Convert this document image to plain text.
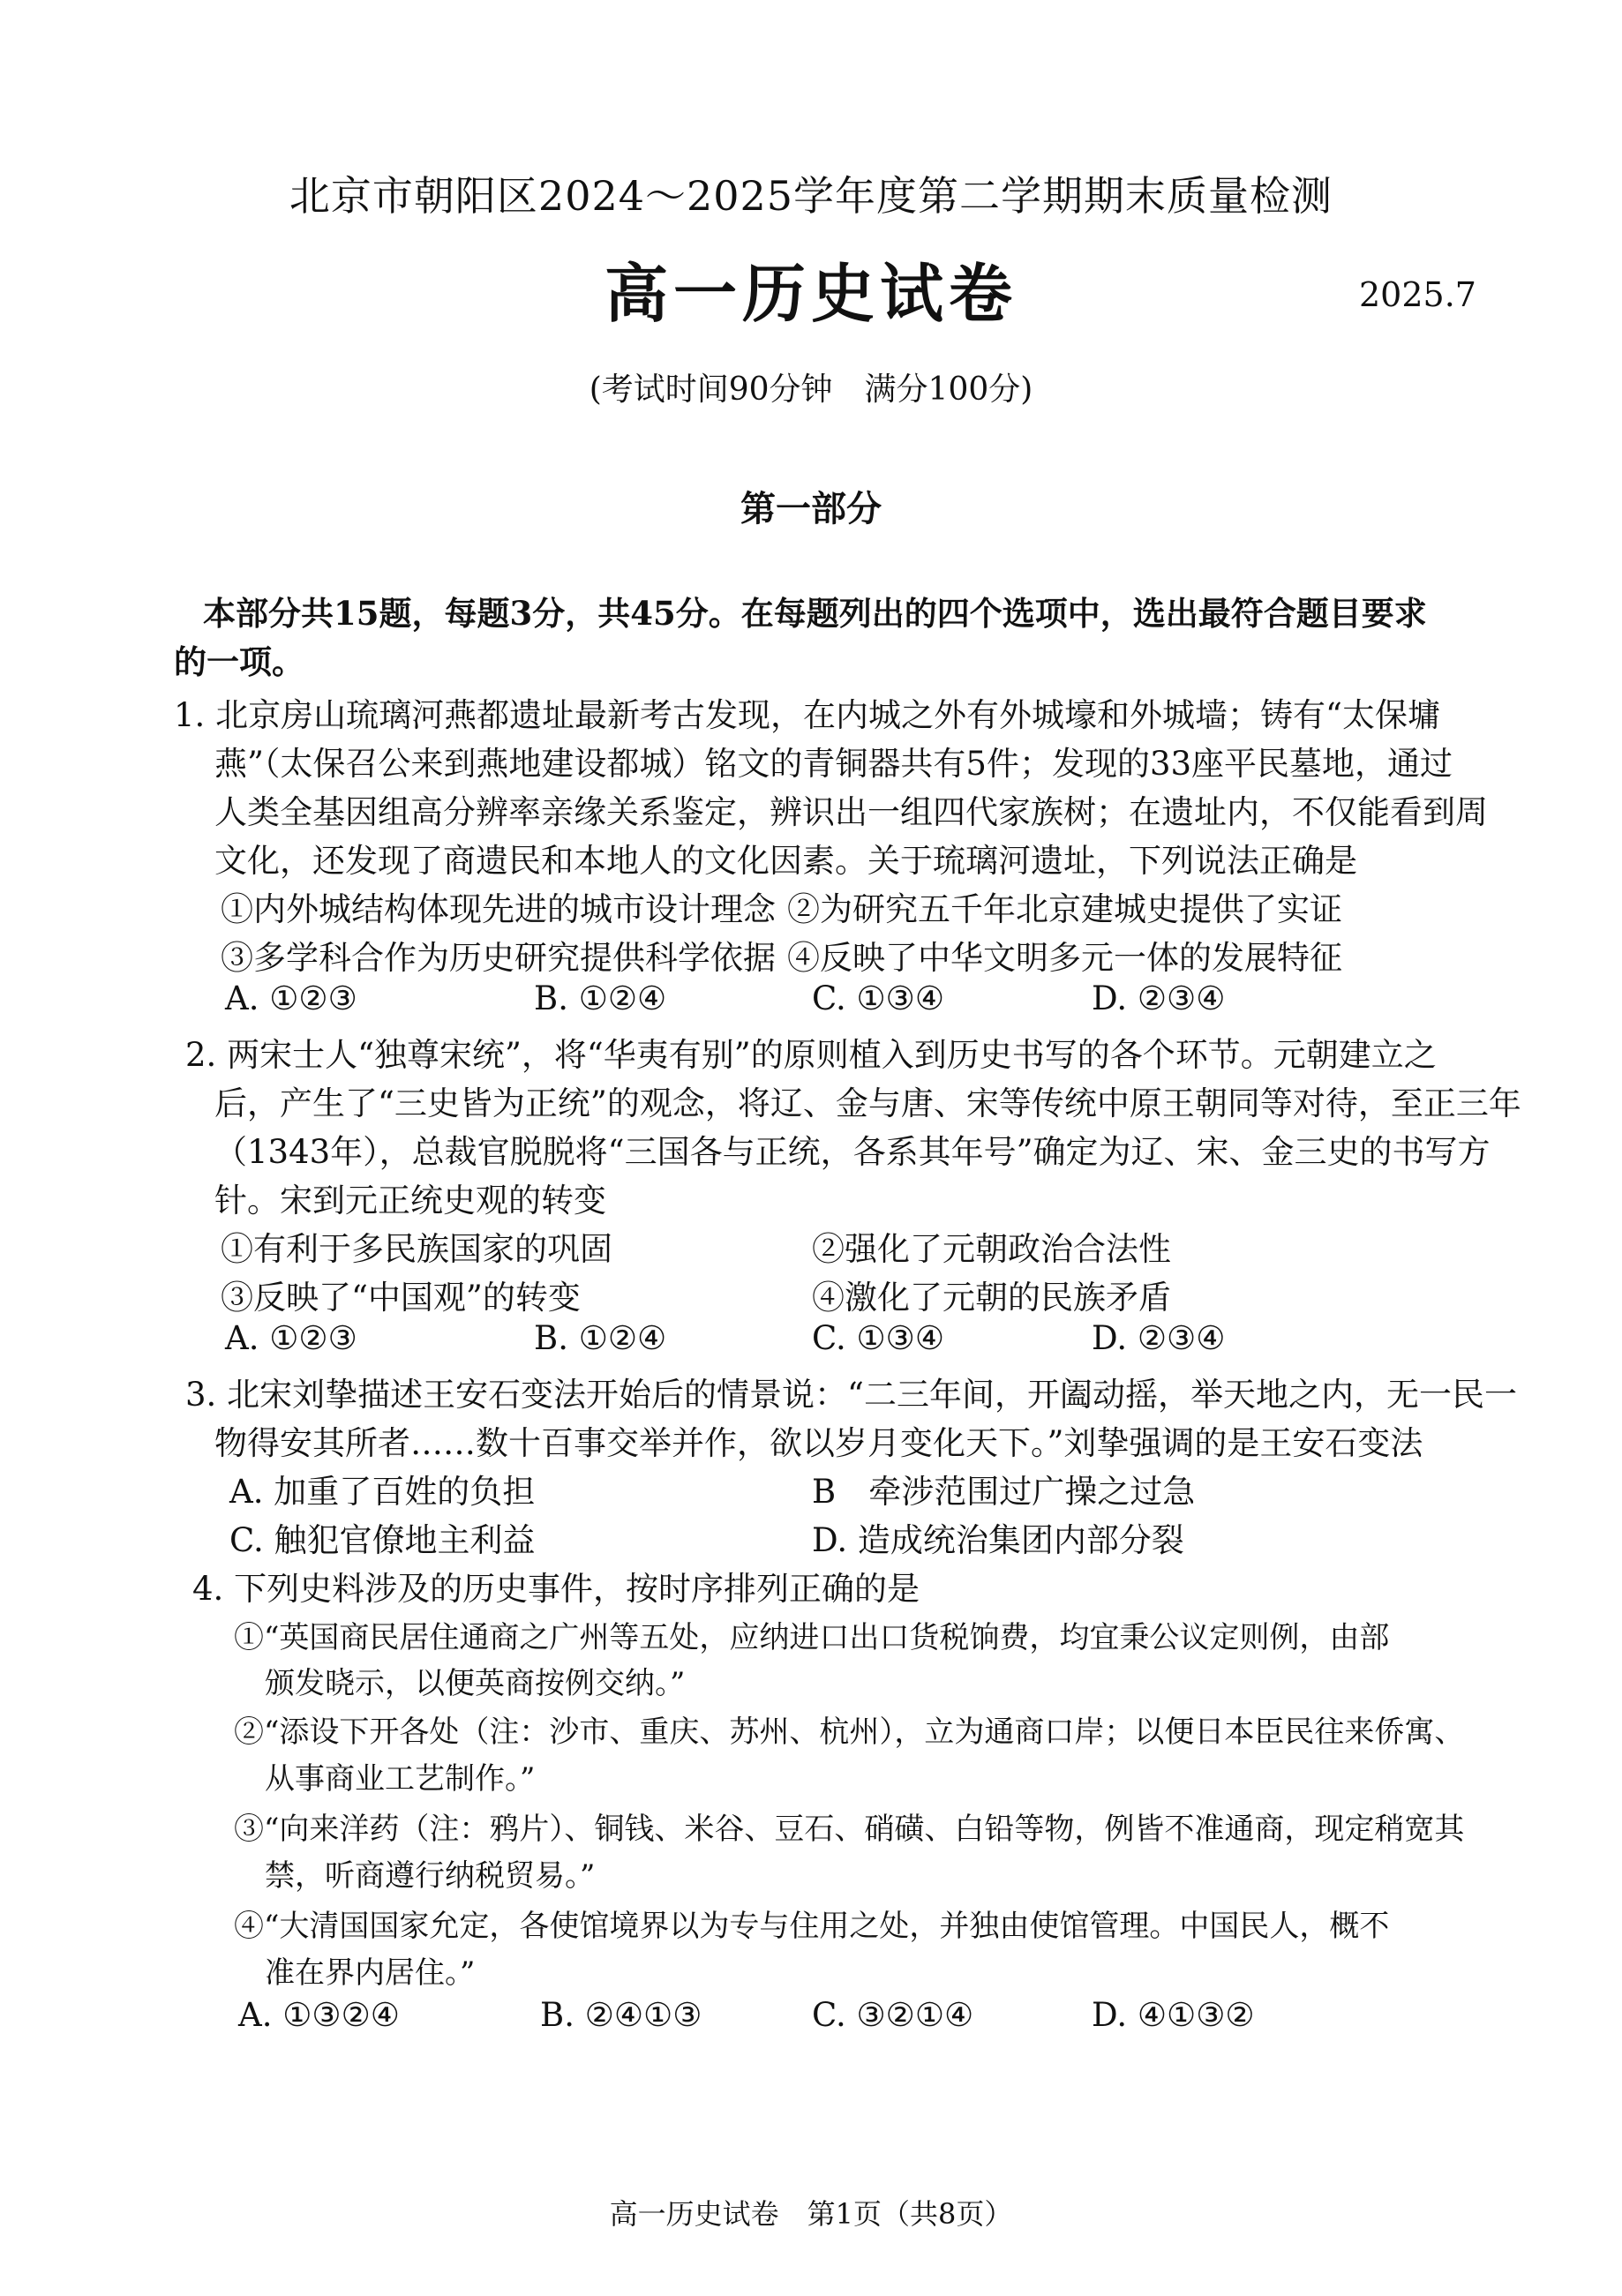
北京市朝阳区2024～2025学年度第二学期期末质量检测
高一历史试卷	2025.7
(考试时间90分钟　满分100分)
第一部分
本部分共15题，每题3分，共45分。在每题列出的四个选项中，选出最符合题目要求
的一项。
1. 北京房山琉璃河燕都遗址最新考古发现，在内城之外有外城壕和外城墙；铸有“太保墉
燕”（太保召公来到燕地建设都城）铭文的青铜器共有5件；发现的33座平民墓地，通过
人类全基因组高分辨率亲缘关系鉴定，辨识出一组四代家族树；在遗址内，不仅能看到周
文化，还发现了商遗民和本地人的文化因素。关于琉璃河遗址，下列说法正确是
①内外城结构体现先进的城市设计理念 ②为研究五千年北京建城史提供了实证
③多学科合作为历史研究提供科学依据 ④反映了中华文明多元一体的发展特征
A. ①②③	B. ①②④	C. ①③④	D. ②③④
2. 两宋士人“独尊宋统”，将“华夷有别”的原则植入到历史书写的各个环节。元朝建立之
后，产生了“三史皆为正统”的观念，将辽、金与唐、宋等传统中原王朝同等对待，至正三年
（1343年），总裁官脱脱将“三国各与正统，各系其年号”确定为辽、宋、金三史的书写方
针。宋到元正统史观的转变
①有利于多民族国家的巩固	②强化了元朝政治合法性
③反映了“中国观”的转变	④激化了元朝的民族矛盾
A. ①②③	B. ①②④	C. ①③④	D. ②③④
3. 北宋刘挚描述王安石变法开始后的情景说：“二三年间，开阖动摇，举天地之内，无一民一
物得安其所者……数十百事交举并作，欲以岁月变化天下。”刘挚强调的是王安石变法
A. 加重了百姓的负担	B　牵涉范围过广操之过急
C. 触犯官僚地主利益	D. 造成统治集团内部分裂
4. 下列史料涉及的历史事件，按时序排列正确的是
①“英国商民居住通商之广州等五处，应纳进口出口货税饷费，均宜秉公议定则例，由部
颁发晓示，以便英商按例交纳。”
②“添设下开各处（注：沙市、重庆、苏州、杭州），立为通商口岸；以便日本臣民往来侨寓、
从事商业工艺制作。”
③“向来洋药（注：鸦片）、铜钱、米谷、豆石、硝磺、白铅等物，例皆不准通商，现定稍宽其
禁，听商遵行纳税贸易。”
④“大清国国家允定，各使馆境界以为专与住用之处，并独由使馆管理。中国民人，概不
准在界内居住。”
A. ①③②④	B. ②④①③	C. ③②①④	D. ④①③②
高一历史试卷　第1页（共8页）
